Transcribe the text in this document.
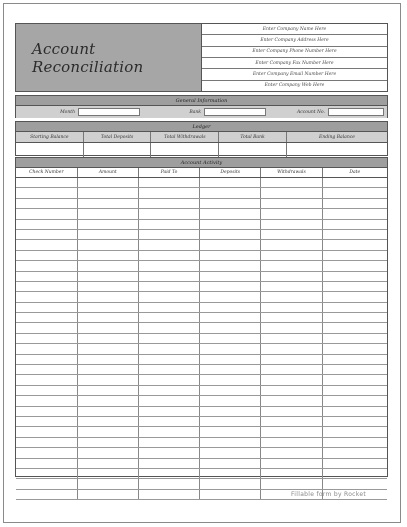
Account Reconciliation
Enter Company Name Here
Enter Company Address Here
Enter Company Phone Number Here
Enter Company Fax Number Here
Enter Company Email Number Here
Enter Company Web Here
General Information
Month	Bank	Account No.
Ledger
Starting Balance	Total Deposits	Total Withdrawals	Total Bank	Ending Balance
Account Activity
Check Number	Amount	Paid To	Deposits	Withdrawals	Date

Fillable form by Rocket
